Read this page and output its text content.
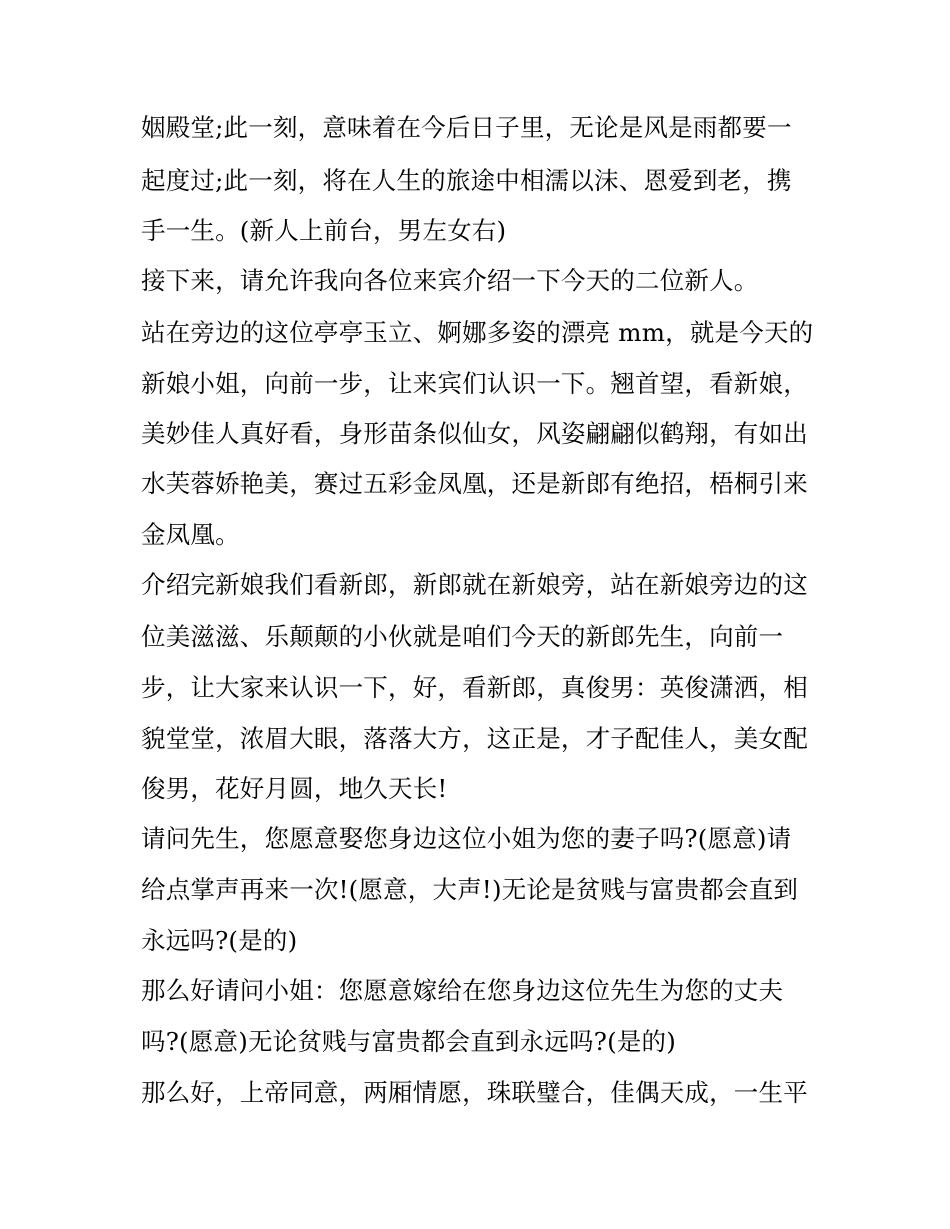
姻殿堂;此一刻，意味着在今后日子里，无论是风是雨都要一
起度过;此一刻，将在人生的旅途中相濡以沫、恩爱到老，携
手一生。(新人上前台，男左女右)
接下来，请允许我向各位来宾介绍一下今天的二位新人。
站在旁边的这位亭亭玉立、婀娜多姿的漂亮 mm，就是今天的
新娘小姐，向前一步，让来宾们认识一下。翘首望，看新娘，
美妙佳人真好看，身形苗条似仙女，风姿翩翩似鹤翔，有如出
水芙蓉娇艳美，赛过五彩金凤凰，还是新郎有绝招，梧桐引来
金凤凰。
介绍完新娘我们看新郎，新郎就在新娘旁，站在新娘旁边的这
位美滋滋、乐颠颠的小伙就是咱们今天的新郎先生，向前一
步，让大家来认识一下，好，看新郎，真俊男：英俊潇洒，相
貌堂堂，浓眉大眼，落落大方，这正是，才子配佳人，美女配
俊男，花好月圆，地久天长!
请问先生，您愿意娶您身边这位小姐为您的妻子吗?(愿意)请
给点掌声再来一次!(愿意，大声!)无论是贫贱与富贵都会直到
永远吗?(是的)
那么好请问小姐：您愿意嫁给在您身边这位先生为您的丈夫
吗?(愿意)无论贫贱与富贵都会直到永远吗?(是的)
那么好，上帝同意，两厢情愿，珠联璧合，佳偶天成，一生平
